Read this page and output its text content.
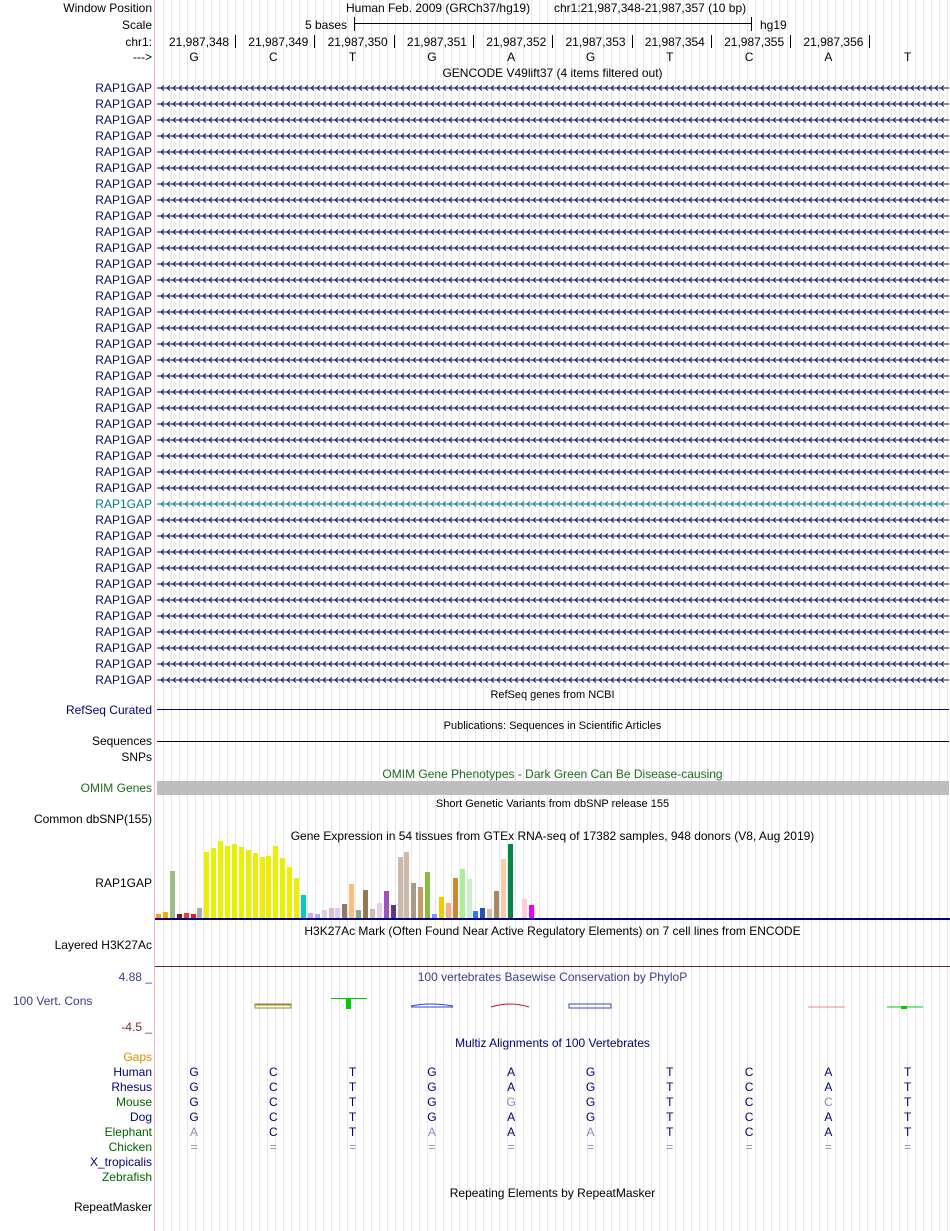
Window Position	Human Feb. 2009 (GRCh37/hg19) chr1:21,987,348-21,987,357 (10 bp)
Scale	5 bases	hg19
chr1: 21,987,348 21,987,349 21,987,350 21,987,351 21,987,352 21,987,353 21,987,354 21,987,355 21,987,356
--->	G	C	T	G	A	G	T	C	A	T
GENCODE V49lift37 (4 items filtered out)
RAP1GAP
RAP1GAP
RAP1GAP
RAP1GAP
RAP1GAP
RAP1GAP
RAP1GAP
RAP1GAP
RAP1GAP
RAP1GAP
RAP1GAP
RAP1GAP
RAP1GAP
RAP1GAP
RAP1GAP
RAP1GAP
RAP1GAP
RAP1GAP
RAP1GAP
RAP1GAP
RAP1GAP
RAP1GAP
RAP1GAP
RAP1GAP
RAP1GAP
RAP1GAP
RAP1GAP
RAP1GAP
RAP1GAP
RAP1GAP
RAP1GAP
RAP1GAP
RAP1GAP
RAP1GAP
RAP1GAP
RAP1GAP
RAP1GAP
RAP1GAP
RefSeq genes from NCBI
RefSeq Curated
Publications: Sequences in Scientific Articles
Sequences
SNPs
OMIM Gene Phenotypes - Dark Green Can Be Disease-causing
OMIM Genes
Short Genetic Variants from dbSNP release 155
Common dbSNP(155)
Gene Expression in 54 tissues from GTEx RNA-seq of 17382 samples, 948 donors (V8, Aug 2019)
RAP1GAP
H3K27Ac Mark (Often Found Near Active Regulatory Elements) on 7 cell lines from ENCODE
Layered H3K27Ac
4.88 _	100 vertebrates Basewise Conservation by PhyloP
100 Vert. Cons
-4.5 _
Multiz Alignments of 100 Vertebrates
Gaps
Human	G	C	T	G	A	G	T	C	A	T
Rhesus	G	C	T	G	A	G	T	C	A	T
Mouse	G	C	T	G	G	G	T	C	C	T
Dog	G	C	T	G	A	G	T	C	A	T
Elephant	A	C	T	A	A	A	T	C	A	T
Chicken	=	=	=	=	=	=	=	=	=	=
X_tropicalis
Zebrafish
Repeating Elements by RepeatMasker
RepeatMasker
